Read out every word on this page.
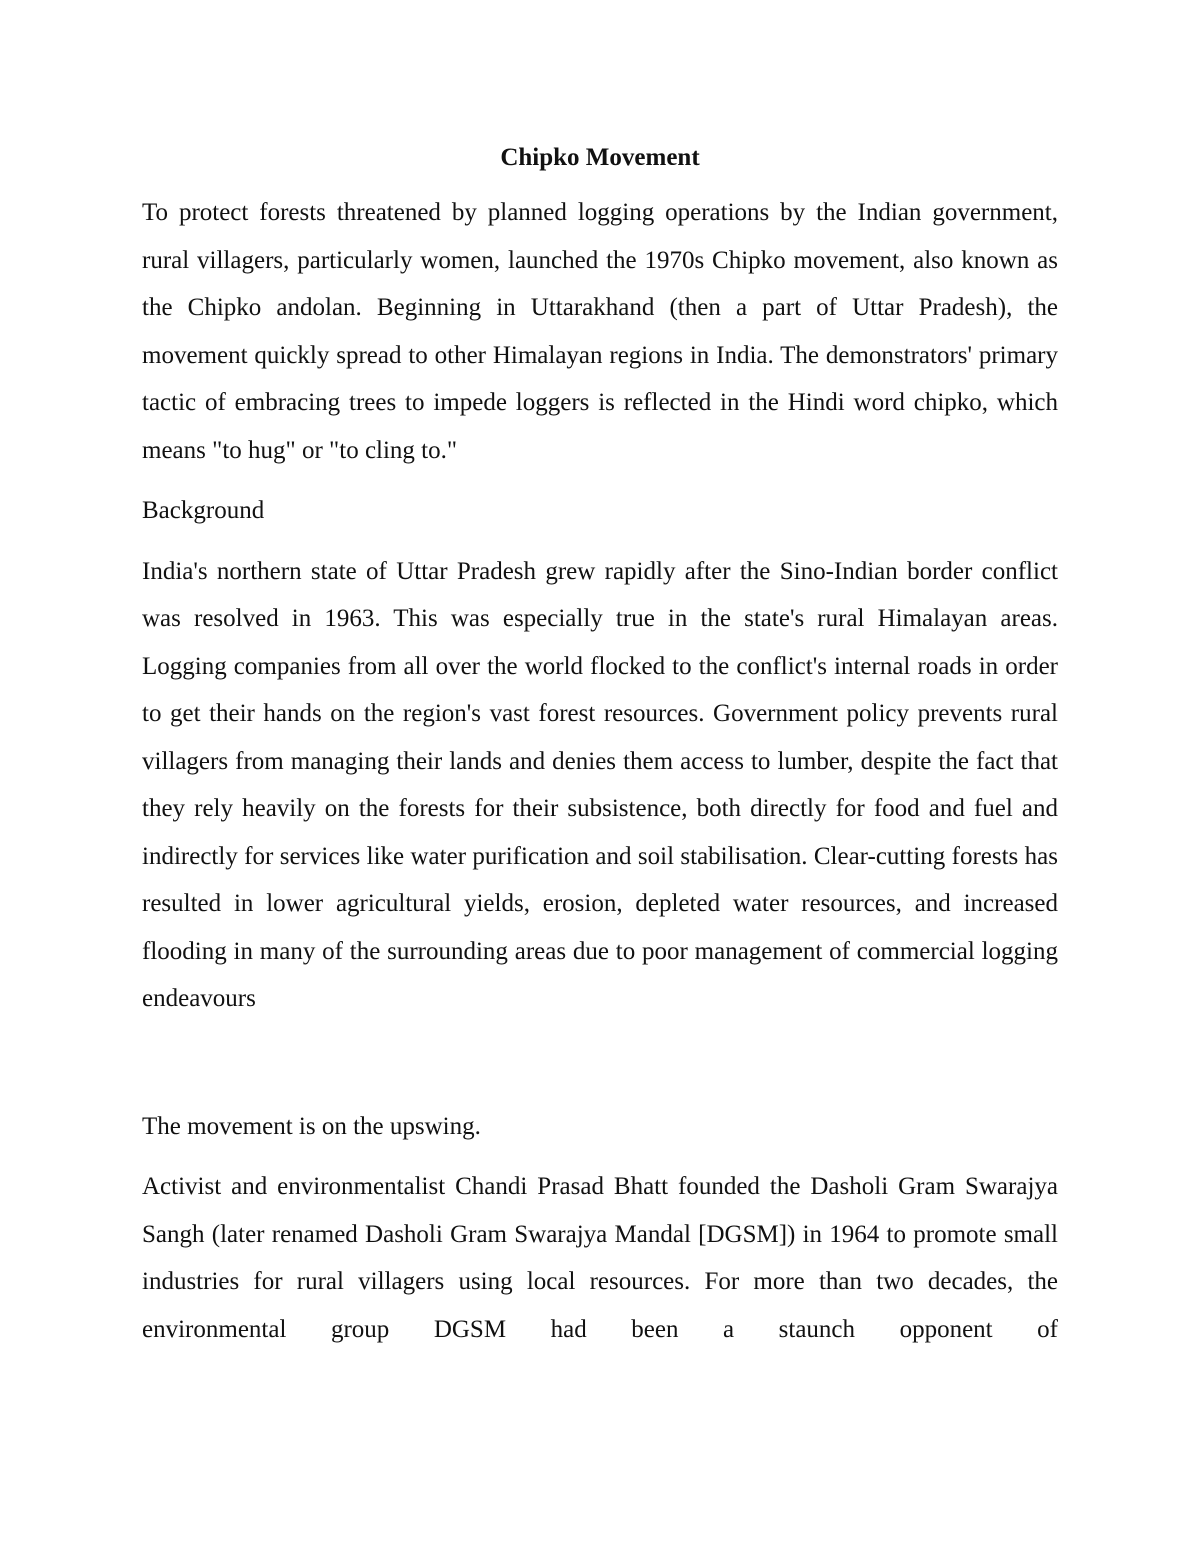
Chipko Movement

To protect forests threatened by planned logging operations by the Indian government, rural villagers, particularly women, launched the 1970s Chipko movement, also known as the Chipko andolan. Beginning in Uttarakhand (then a part of Uttar Pradesh), the movement quickly spread to other Himalayan regions in India. The demonstrators' primary tactic of embracing trees to impede loggers is reflected in the Hindi word chipko, which means "to hug" or "to cling to."

Background

India's northern state of Uttar Pradesh grew rapidly after the Sino-Indian border conflict was resolved in 1963. This was especially true in the state's rural Himalayan areas. Logging companies from all over the world flocked to the conflict's internal roads in order to get their hands on the region's vast forest resources. Government policy prevents rural villagers from managing their lands and denies them access to lumber, despite the fact that they rely heavily on the forests for their subsistence, both directly for food and fuel and indirectly for services like water purification and soil stabilisation. Clear-cutting forests has resulted in lower agricultural yields, erosion, depleted water resources, and increased flooding in many of the surrounding areas due to poor management of commercial logging endeavours

The movement is on the upswing.

Activist and environmentalist Chandi Prasad Bhatt founded the Dasholi Gram Swarajya Sangh (later renamed Dasholi Gram Swarajya Mandal [DGSM]) in 1964 to promote small industries for rural villagers using local resources. For more than two decades, the environmental group DGSM had been a staunch opponent of
